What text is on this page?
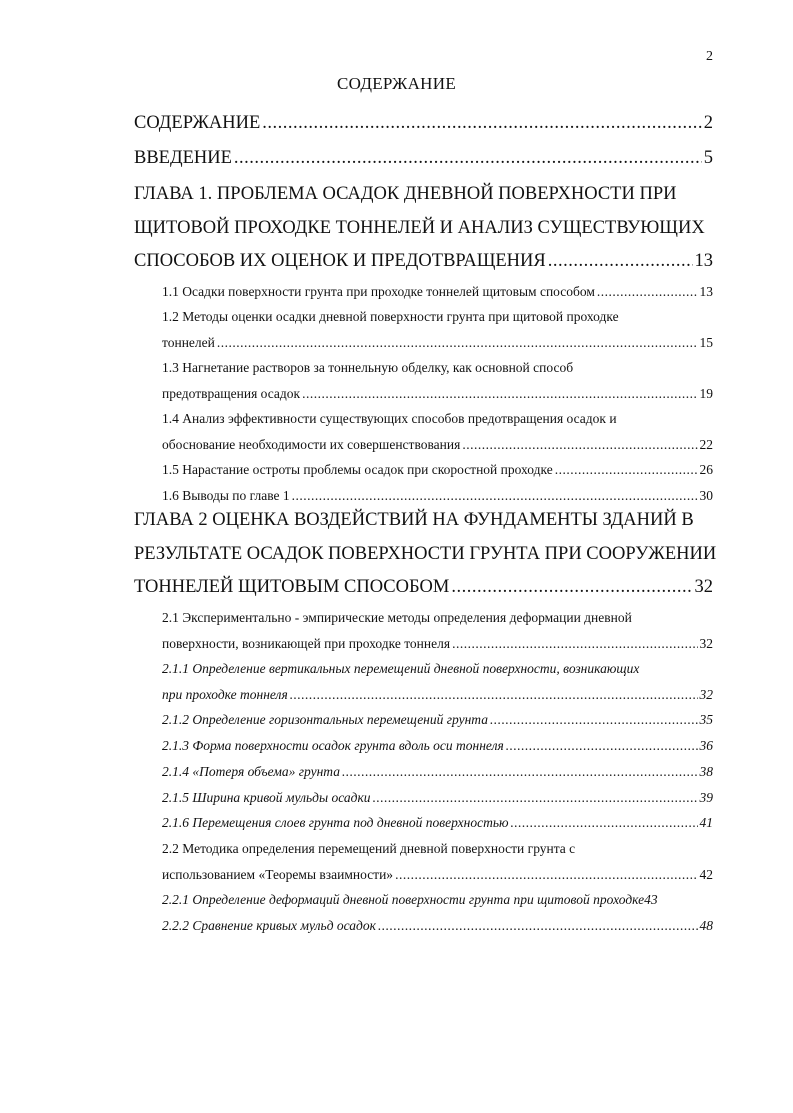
2
СОДЕРЖАНИЕ
СОДЕРЖАНИЕ .....	2
ВВЕДЕНИЕ .....	5
ГЛАВА 1. ПРОБЛЕМА ОСАДОК ДНЕВНОЙ ПОВЕРХНОСТИ ПРИ
ЩИТОВОЙ ПРОХОДКЕ ТОННЕЛЕЙ И АНАЛИЗ СУЩЕСТВУЮЩИХ
СПОСОБОВ ИХ ОЦЕНОК И ПРЕДОТВРАЩЕНИЯ .....	13
1.1 Осадки поверхности грунта при проходке тоннелей щитовым способом .....	13
1.2 Методы оценки осадки дневной поверхности грунта при щитовой проходке
тоннелей .....	15
1.3 Нагнетание растворов за тоннельную обделку, как основной способ
предотвращения осадок .....	19
1.4 Анализ эффективности существующих способов предотвращения осадок и
обоснование необходимости их совершенствования .....	22
1.5 Нарастание остроты проблемы осадок при скоростной проходке .....	26
1.6 Выводы по главе 1 .....	30
ГЛАВА 2 ОЦЕНКА ВОЗДЕЙСТВИЙ НА ФУНДАМЕНТЫ ЗДАНИЙ В
РЕЗУЛЬТАТЕ ОСАДОК ПОВЕРХНОСТИ ГРУНТА ПРИ СООРУЖЕНИИ
ТОННЕЛЕЙ ЩИТОВЫМ СПОСОБОМ .....	32
2.1 Экспериментально - эмпирические методы определения деформации дневной
поверхности, возникающей при проходке тоннеля .....	32
2.1.1 Определение вертикальных перемещений дневной поверхности, возникающих
при проходке тоннеля .....	32
2.1.2 Определение горизонтальных перемещений грунта .....	35
2.1.3 Форма поверхности осадок грунта вдоль оси тоннеля .....	36
2.1.4 «Потеря объема» грунта .....	38
2.1.5 Ширина кривой мульды осадки .....	39
2.1.6 Перемещения слоев грунта под дневной поверхностью .....	41
2.2 Методика определения перемещений дневной поверхности грунта с
использованием «Теоремы взаимности» .....	42
2.2.1 Определение деформаций дневной поверхности грунта при щитовой проходке 43
2.2.2 Сравнение кривых мульд осадок .....	48
